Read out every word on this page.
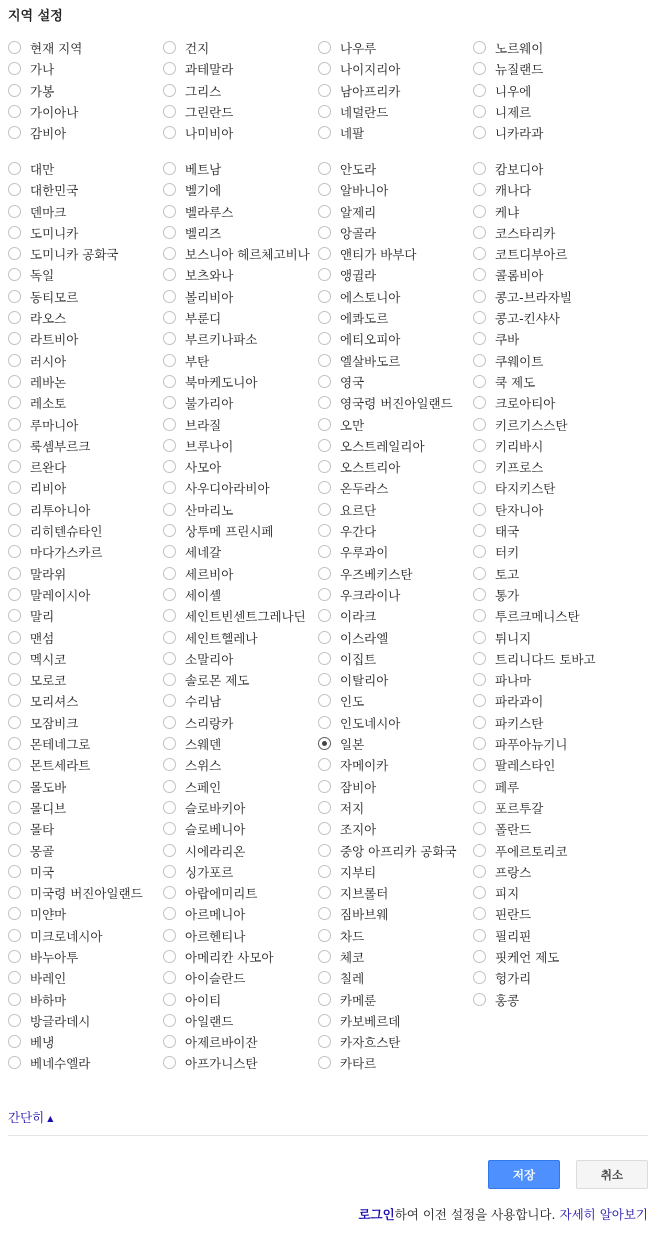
지역 설정
현재 지역
가나
가봉
가이아나
감비아
건지
과테말라
그리스
그린란드
나미비아
나우루
나이지리아
남아프리카
네덜란드
네팔
노르웨이
뉴질랜드
니우에
니제르
니카라과
대만
대한민국
덴마크
도미니카
도미니카 공화국
독일
동티모르
라오스
라트비아
러시아
레바논
레소토
루마니아
룩셈부르크
르완다
리비아
리투아니아
리히텐슈타인
마다가스카르
말라위
말레이시아
말리
맨섬
멕시코
모로코
모리셔스
모잠비크
몬테네그로
몬트세라트
몰도바
몰디브
몰타
몽골
미국
미국령 버진아일랜드
미얀마
미크로네시아
바누아투
바레인
바하마
방글라데시
베냉
베네수엘라
베트남
벨기에
벨라루스
벨리즈
보스니아 헤르체고비나
보츠와나
볼리비아
부룬디
부르키나파소
부탄
북마케도니아
불가리아
브라질
브루나이
사모아
사우디아라비아
산마리노
상투메 프린시페
세네갈
세르비아
세이셸
세인트빈센트그레나딘
세인트헬레나
소말리아
솔로몬 제도
수리남
스리랑카
스웨덴
스위스
스페인
슬로바키아
슬로베니아
시에라리온
싱가포르
아랍에미리트
아르메니아
아르헨티나
아메리칸 사모아
아이슬란드
아이티
아일랜드
아제르바이잔
아프가니스탄
안도라
알바니아
알제리
앙골라
앤티가 바부다
앵귈라
에스토니아
에콰도르
에티오피아
엘살바도르
영국
영국령 버진아일랜드
오만
오스트레일리아
오스트리아
온두라스
요르단
우간다
우루과이
우즈베키스탄
우크라이나
이라크
이스라엘
이집트
이탈리아
인도
인도네시아
일본
자메이카
잠비아
저지
조지아
중앙 아프리카 공화국
지부티
지브롤터
짐바브웨
차드
체코
칠레
카메룬
카보베르데
카자흐스탄
카타르
캄보디아
캐나다
케냐
코스타리카
코트디부아르
콜롬비아
콩고-브라자빌
콩고-킨샤사
쿠바
쿠웨이트
쿡 제도
크로아티아
키르기스스탄
키리바시
키프로스
타지키스탄
탄자니아
태국
터키
토고
통가
투르크메니스탄
튀니지
트리니다드 토바고
파나마
파라과이
파키스탄
파푸아뉴기니
팔레스타인
페루
포르투갈
폴란드
푸에르토리코
프랑스
피지
핀란드
필리핀
핏케언 제도
헝가리
홍콩
간단히 ▲
저장	취소
로그인하여 이전 설정을 사용합니다. 자세히 알아보기
